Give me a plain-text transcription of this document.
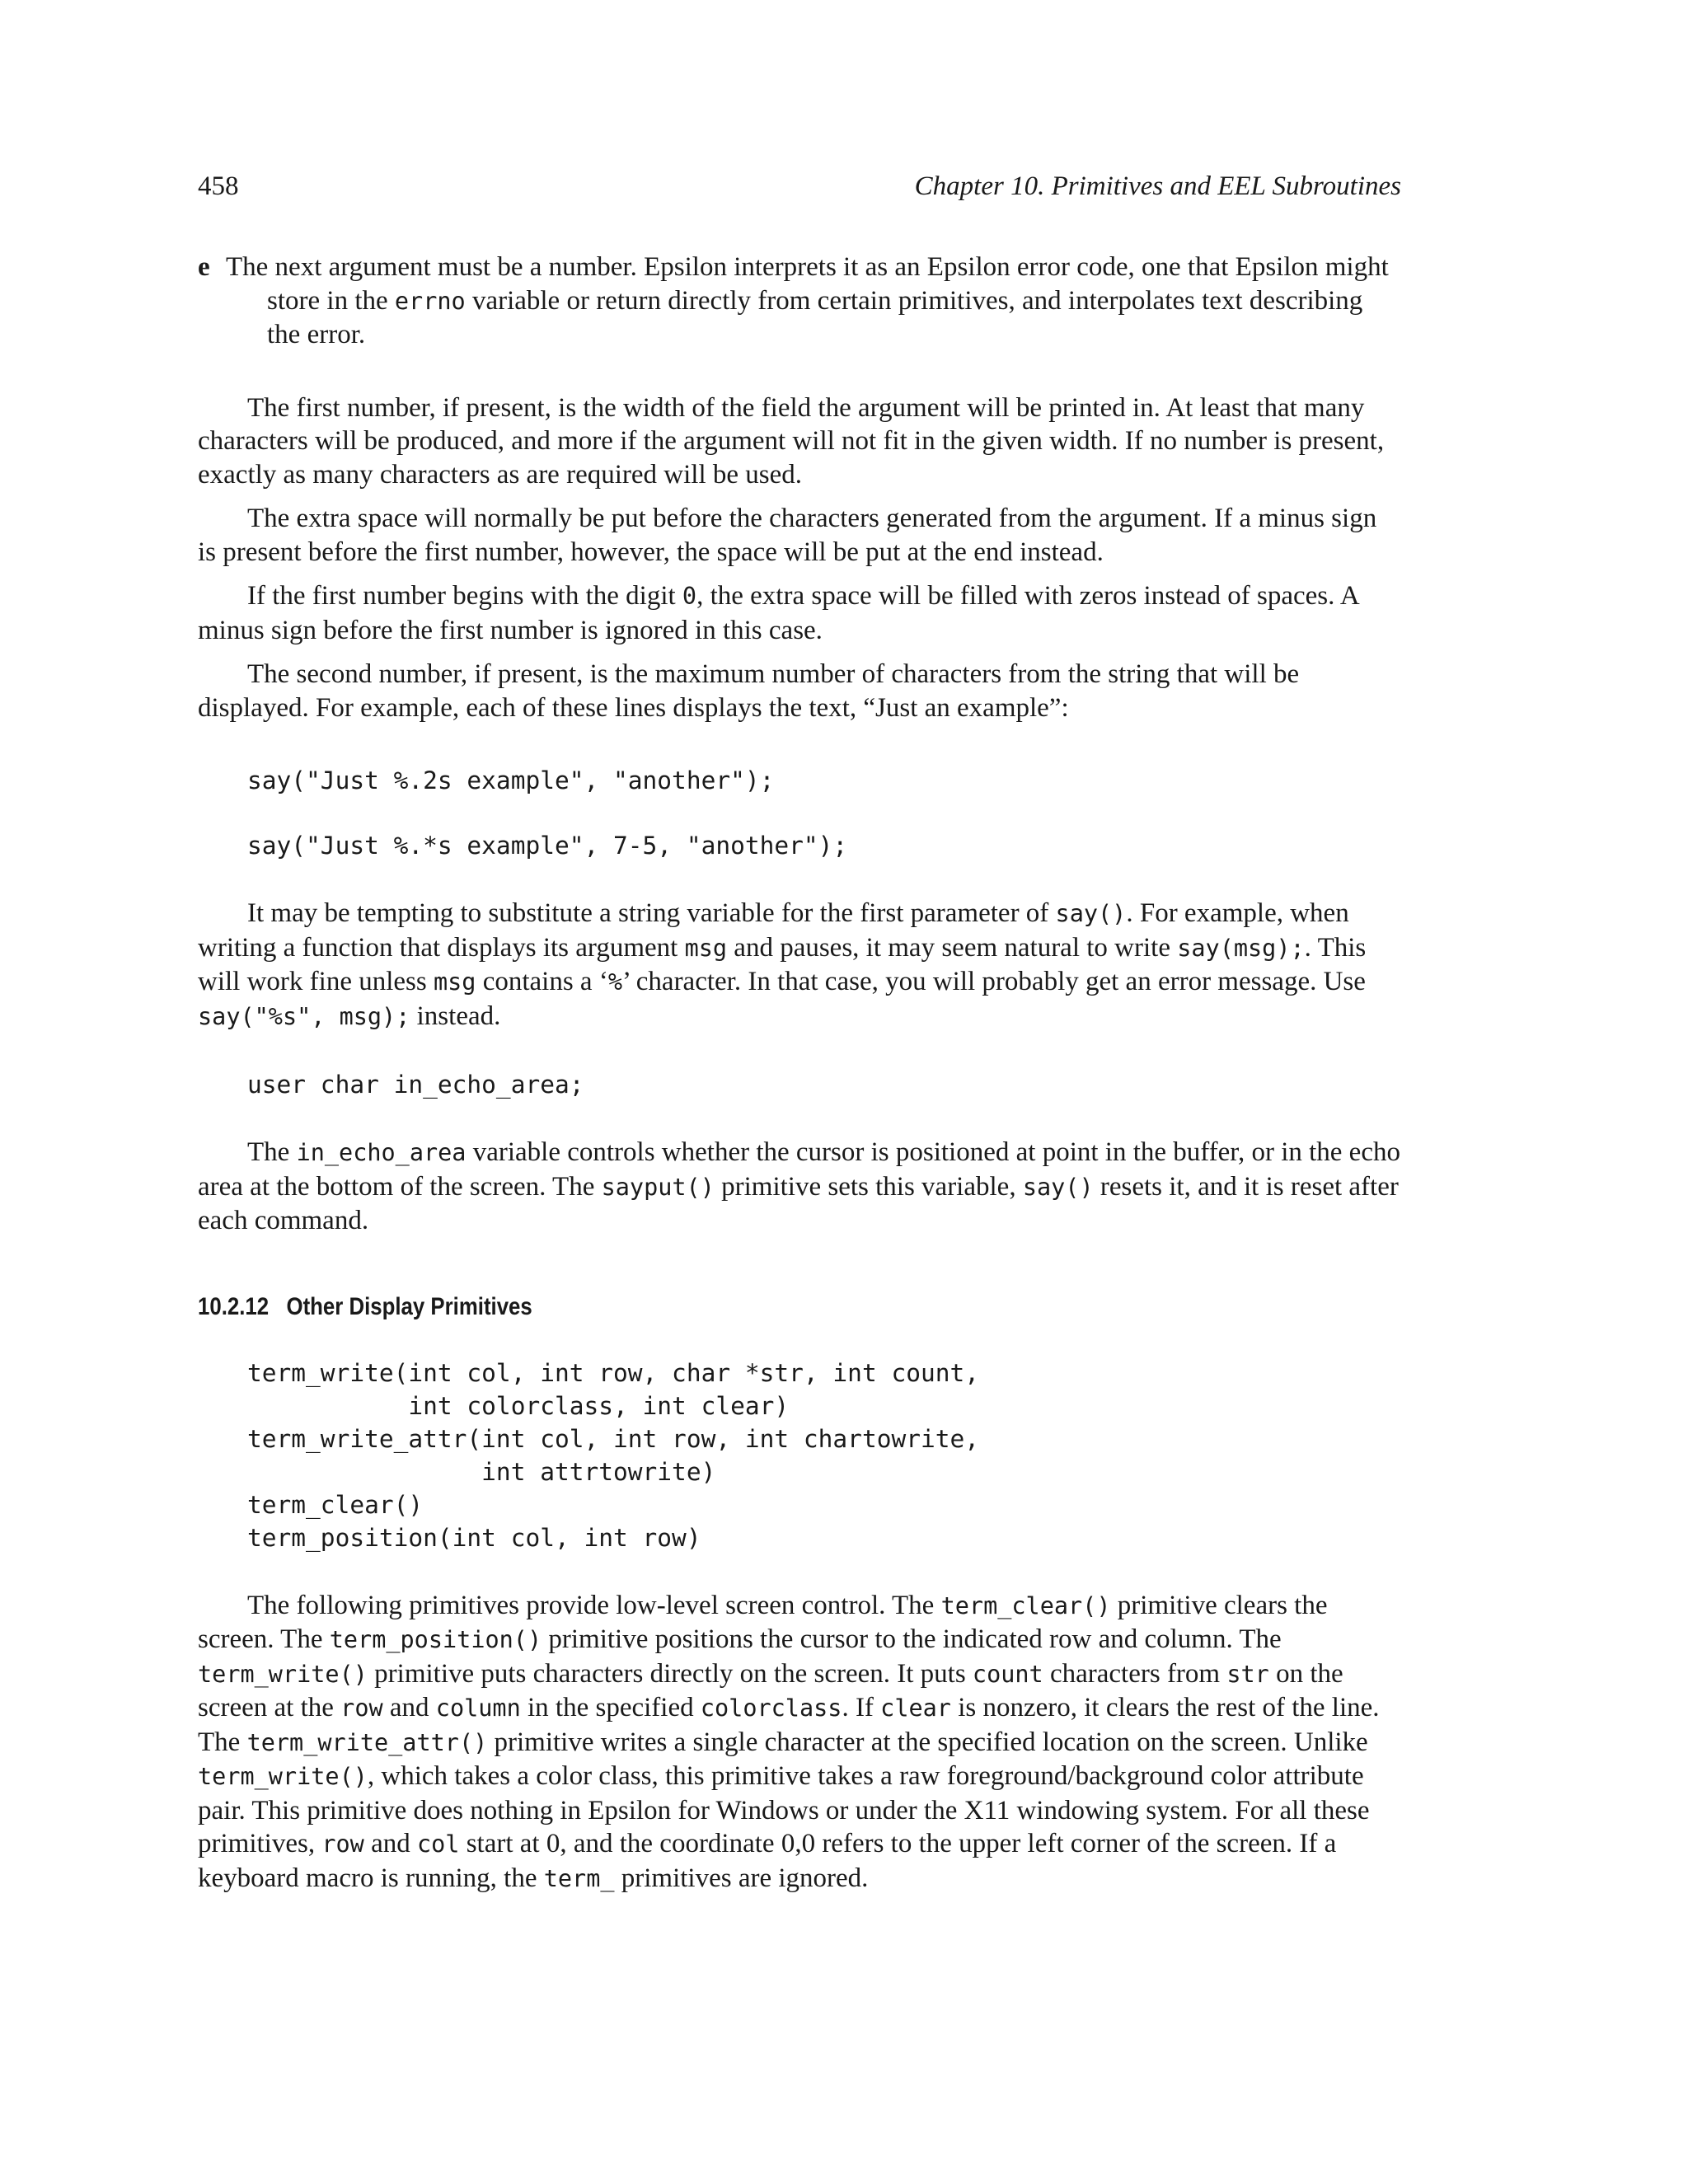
458	Chapter 10. Primitives and EEL Subroutines

e The next argument must be a number. Epsilon interprets it as an Epsilon error code, one that Epsilon might store in the errno variable or return directly from certain primitives, and interpolates text describing the error.

The first number, if present, is the width of the field the argument will be printed in. At least that many characters will be produced, and more if the argument will not fit in the given width. If no number is present, exactly as many characters as are required will be used.

The extra space will normally be put before the characters generated from the argument. If a minus sign is present before the first number, however, the space will be put at the end instead.

If the first number begins with the digit 0, the extra space will be filled with zeros instead of spaces. A minus sign before the first number is ignored in this case.

The second number, if present, is the maximum number of characters from the string that will be displayed. For example, each of these lines displays the text, “Just an example”:

say("Just %.2s example", "another");
say("Just %.*s example", 7-5, "another");

It may be tempting to substitute a string variable for the first parameter of say(). For example, when writing a function that displays its argument msg and pauses, it may seem natural to write say(msg);. This will work fine unless msg contains a ‘%’ character. In that case, you will probably get an error message. Use say("%s", msg); instead.

user char in_echo_area;

The in_echo_area variable controls whether the cursor is positioned at point in the buffer, or in the echo area at the bottom of the screen. The sayput() primitive sets this variable, say() resets it, and it is reset after each command.

10.2.12 Other Display Primitives
term_write(int col, int row, char *str, int count,
int colorclass, int clear)
term_write_attr(int col, int row, int chartowrite,
int attrtowrite)
term_clear()
term_position(int col, int row)

The following primitives provide low-level screen control. The term_clear() primitive clears the screen. The term_position() primitive positions the cursor to the indicated row and column. The term_write() primitive puts characters directly on the screen. It puts count characters from str on the screen at the row and column in the specified colorclass. If clear is nonzero, it clears the rest of the line. The term_write_attr() primitive writes a single character at the specified location on the screen. Unlike term_write(), which takes a color class, this primitive takes a raw foreground/background color attribute pair. This primitive does nothing in Epsilon for Windows or under the X11 windowing system. For all these primitives, row and col start at 0, and the coordinate 0,0 refers to the upper left corner of the screen. If a keyboard macro is running, the term_ primitives are ignored.
